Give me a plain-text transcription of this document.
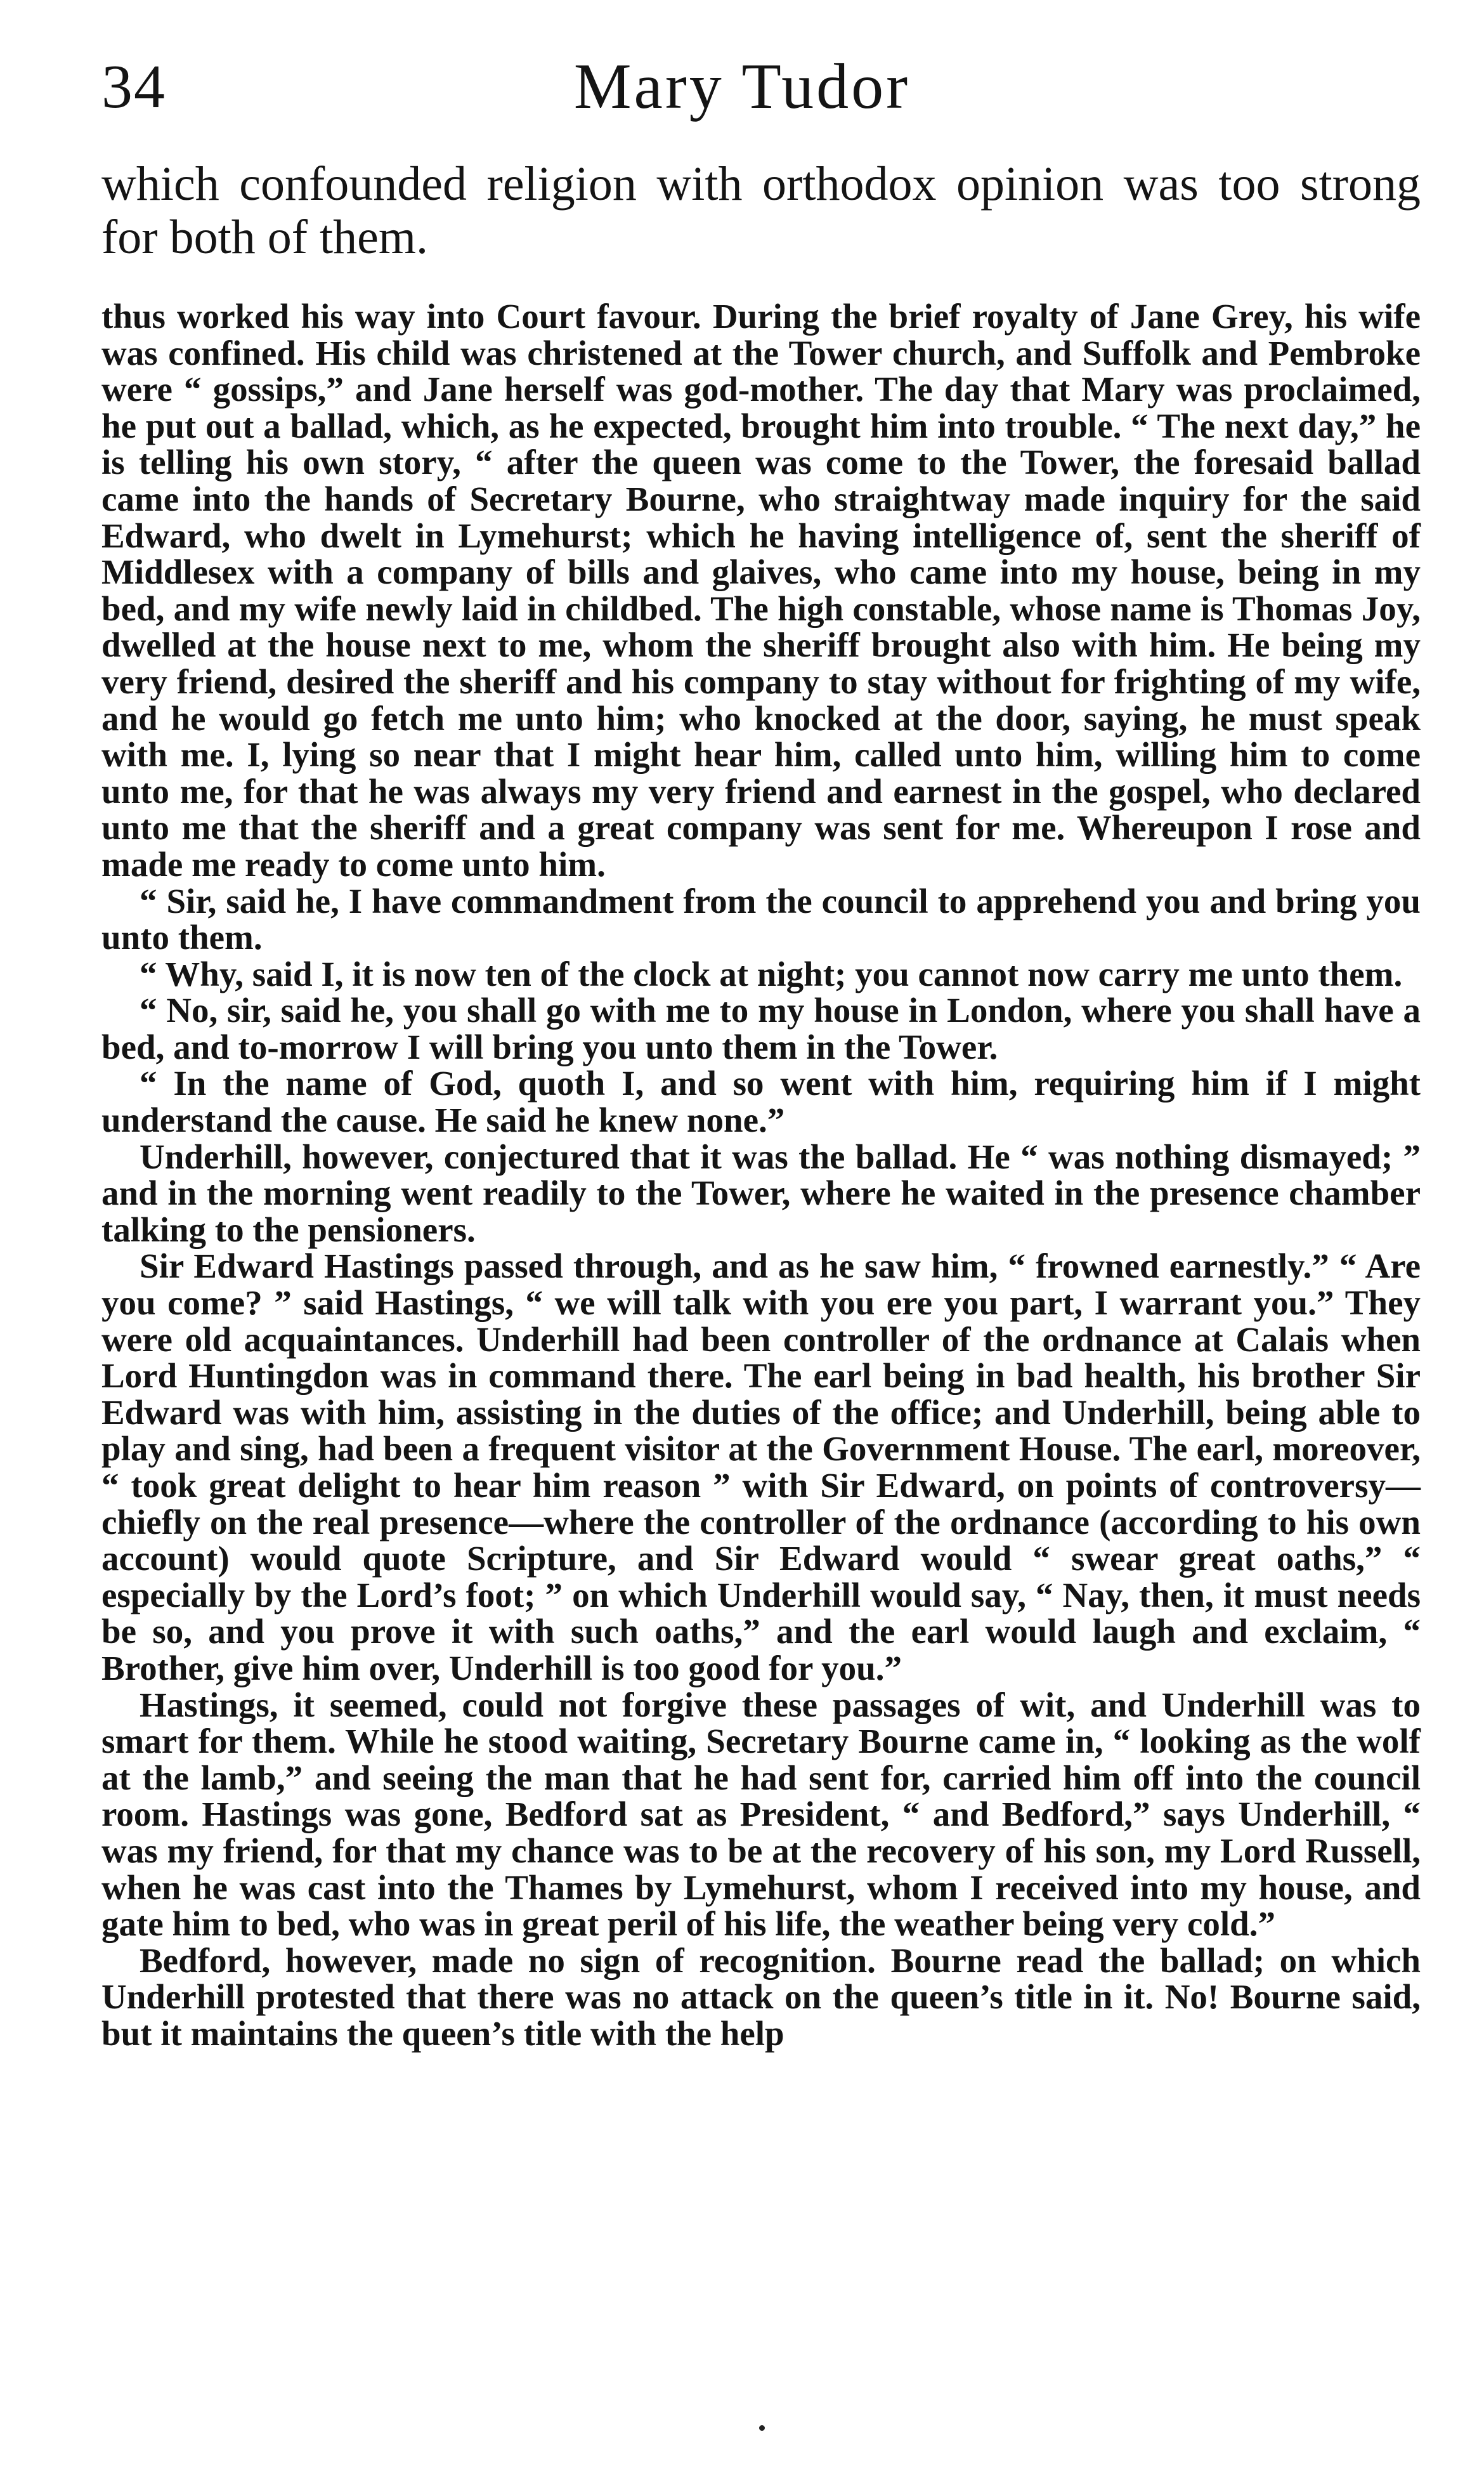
34	Mary Tudor

which confounded religion with orthodox opinion was too strong for both of them.

thus worked his way into Court favour. During the brief royalty of Jane Grey, his wife was confined. His child was christened at the Tower church, and Suffolk and Pembroke were “ gossips,” and Jane herself was god-mother. The day that Mary was proclaimed, he put out a ballad, which, as he expected, brought him into trouble. “ The next day,” he is telling his own story, “ after the queen was come to the Tower, the foresaid ballad came into the hands of Secretary Bourne, who straightway made inquiry for the said Edward, who dwelt in Lymehurst; which he having intelligence of, sent the sheriff of Middlesex with a company of bills and glaives, who came into my house, being in my bed, and my wife newly laid in childbed. The high constable, whose name is Thomas Joy, dwelled at the house next to me, whom the sheriff brought also with him. He being my very friend, desired the sheriff and his company to stay without for frighting of my wife, and he would go fetch me unto him; who knocked at the door, saying, he must speak with me. I, lying so near that I might hear him, called unto him, willing him to come unto me, for that he was always my very friend and earnest in the gospel, who declared unto me that the sheriff and a great company was sent for me. Whereupon I rose and made me ready to come unto him.

“ Sir, said he, I have commandment from the council to apprehend you and bring you unto them.

“ Why, said I, it is now ten of the clock at night; you cannot now carry me unto them.

“ No, sir, said he, you shall go with me to my house in London, where you shall have a bed, and to-morrow I will bring you unto them in the Tower.

“ In the name of God, quoth I, and so went with him, requiring him if I might understand the cause. He said he knew none.”

Underhill, however, conjectured that it was the ballad. He “ was nothing dismayed; ” and in the morning went readily to the Tower, where he waited in the presence chamber talking to the pensioners.

Sir Edward Hastings passed through, and as he saw him, “ frowned earnestly.” “ Are you come? ” said Hastings, “ we will talk with you ere you part, I warrant you.” They were old acquaintances. Underhill had been controller of the ordnance at Calais when Lord Huntingdon was in command there. The earl being in bad health, his brother Sir Edward was with him, assisting in the duties of the office; and Underhill, being able to play and sing, had been a frequent visitor at the Government House. The earl, moreover, “ took great delight to hear him reason ” with Sir Edward, on points of controversy—chiefly on the real presence—where the controller of the ordnance (according to his own account) would quote Scripture, and Sir Edward would “ swear great oaths,” “ especially by the Lord’s foot; ” on which Underhill would say, “ Nay, then, it must needs be so, and you prove it with such oaths,” and the earl would laugh and exclaim, “ Brother, give him over, Underhill is too good for you.”

Hastings, it seemed, could not forgive these passages of wit, and Underhill was to smart for them. While he stood waiting, Secretary Bourne came in, “ looking as the wolf at the lamb,” and seeing the man that he had sent for, carried him off into the council room. Hastings was gone, Bedford sat as President, “ and Bedford,” says Underhill, “ was my friend, for that my chance was to be at the recovery of his son, my Lord Russell, when he was cast into the Thames by Lymehurst, whom I received into my house, and gate him to bed, who was in great peril of his life, the weather being very cold.”

Bedford, however, made no sign of recognition. Bourne read the ballad; on which Underhill protested that there was no attack on the queen’s title in it. No! Bourne said, but it maintains the queen’s title with the help
